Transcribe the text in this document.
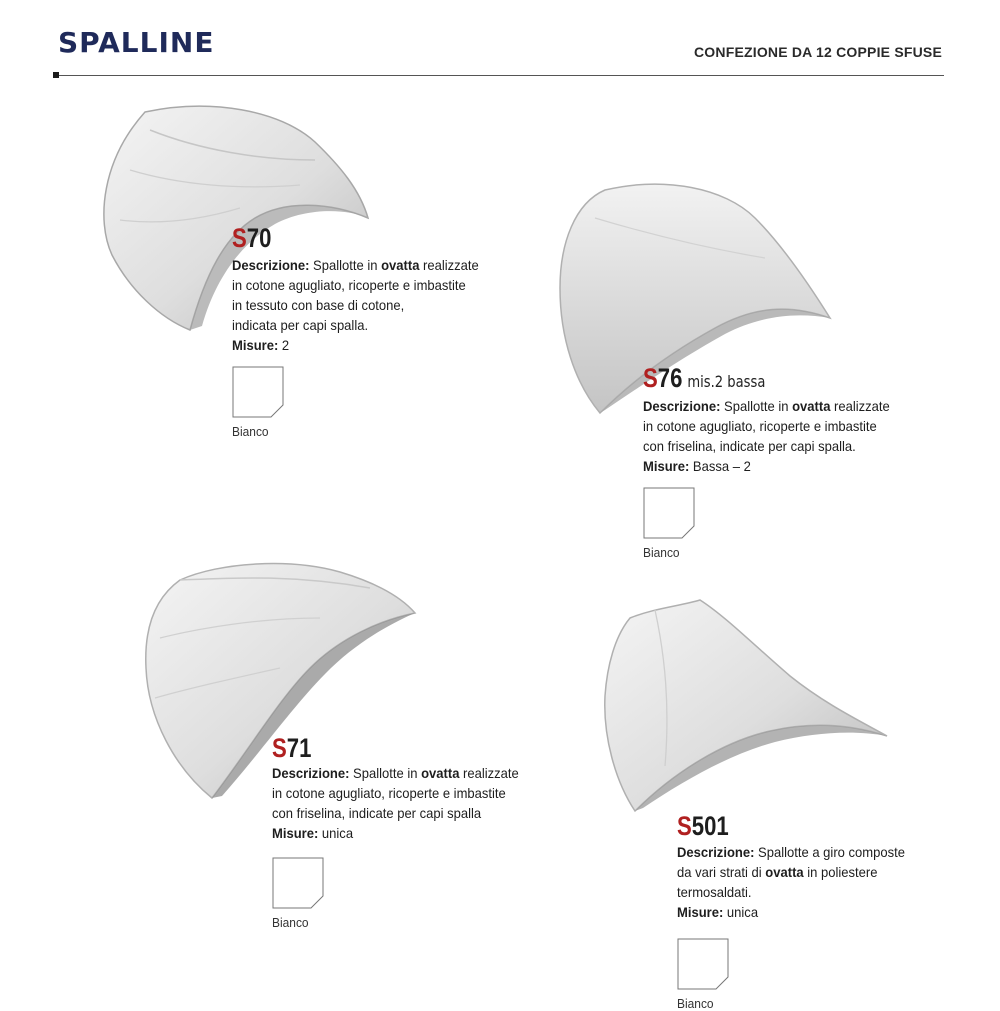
SPALLINE	CONFEZIONE DA 12 COPPIE SFUSE
S70
Descrizione: Spallotte in ovatta realizzate
in cotone agugliato, ricoperte e imbastite
in tessuto con base di cotone,
indicata per capi spalla.
Misure: 2
Bianco
S76 mis.2 bassa
Descrizione: Spallotte in ovatta realizzate
in cotone agugliato, ricoperte e imbastite
con friselina, indicate per capi spalla.
Misure: Bassa – 2
Bianco
S71
Descrizione: Spallotte in ovatta realizzate
in cotone agugliato, ricoperte e imbastite
con friselina, indicate per capi spalla
Misure: unica
Bianco
S501
Descrizione: Spallotte a giro composte
da vari strati di ovatta in poliestere
termosaldati.
Misure: unica
Bianco
